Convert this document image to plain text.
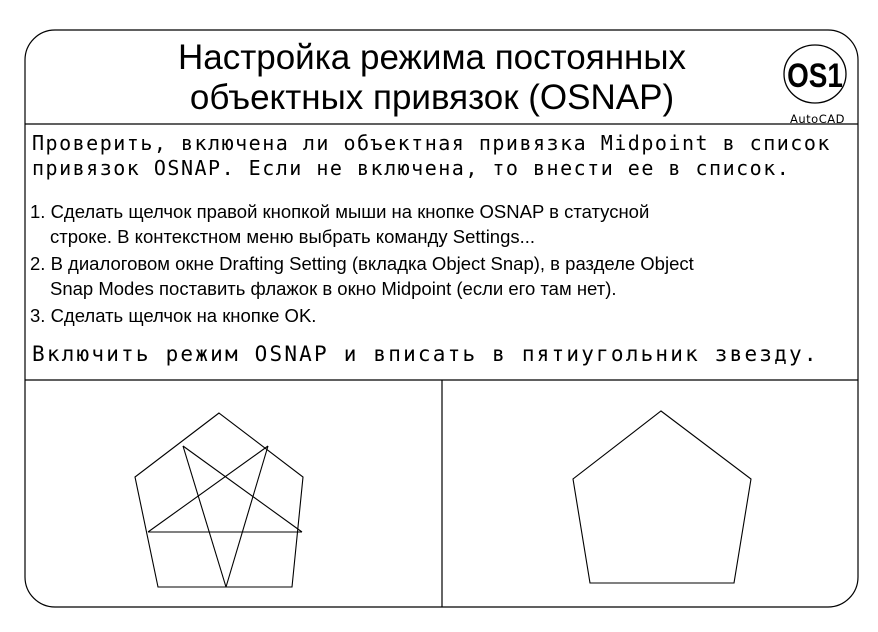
Настройка режима постоянных

объектных привязок (OSNAP)

OS1
AutoCAD

Проверить, включена ли объектная привязка Midpoint в список

привязок OSNAP. Если не включена, то внести ее в список.

1. Сделать щелчок правой кнопкой мыши на кнопке OSNAP в статусной

строке. В контекстном меню выбрать команду Settings...

2. В диалоговом окне Drafting Setting (вкладка Object Snap), в разделе Object

Snap Modes поставить флажок в окно Midpoint (если его там нет).

3. Сделать щелчок на кнопке OK.

Включить режим OSNAP и вписать в пятиугольник звезду.
